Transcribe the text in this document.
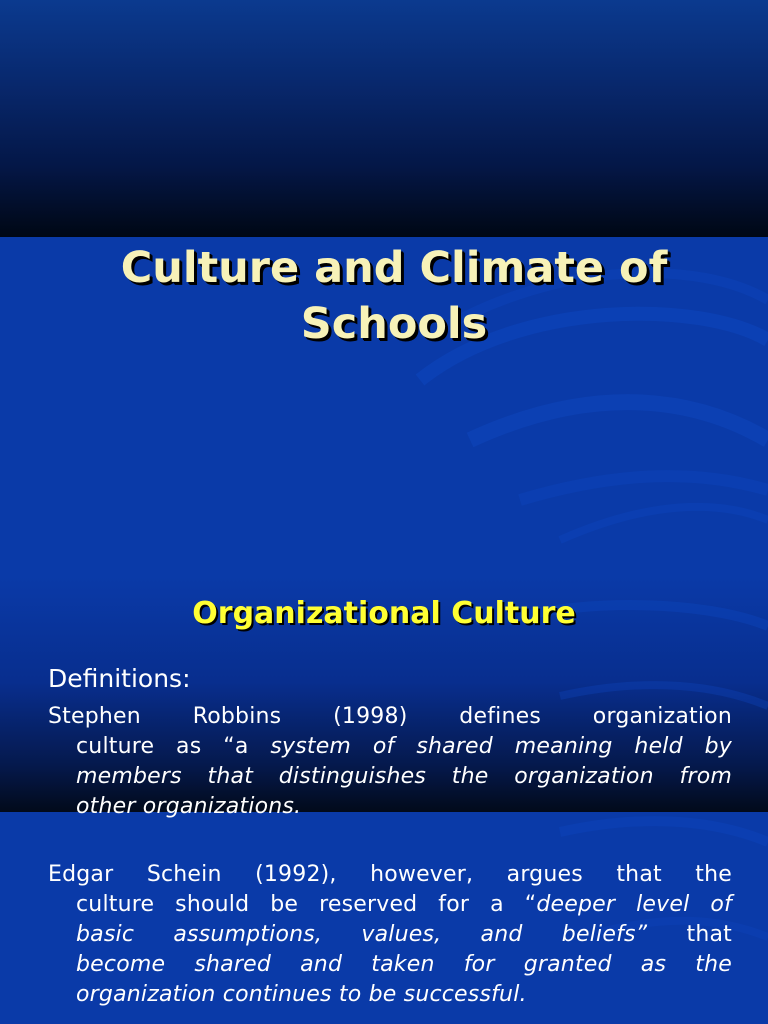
Culture and Climate of
Schools
Organizational Culture
Definitions:
Stephen Robbins (1998) defines organization
culture as “a system of shared meaning held by
members that distinguishes the organization from
other organizations.
Edgar Schein (1992), however, argues that the
culture should be reserved for a “deeper level of
basic assumptions, values, and beliefs” that
become shared and taken for granted as the
organization continues to be successful.
